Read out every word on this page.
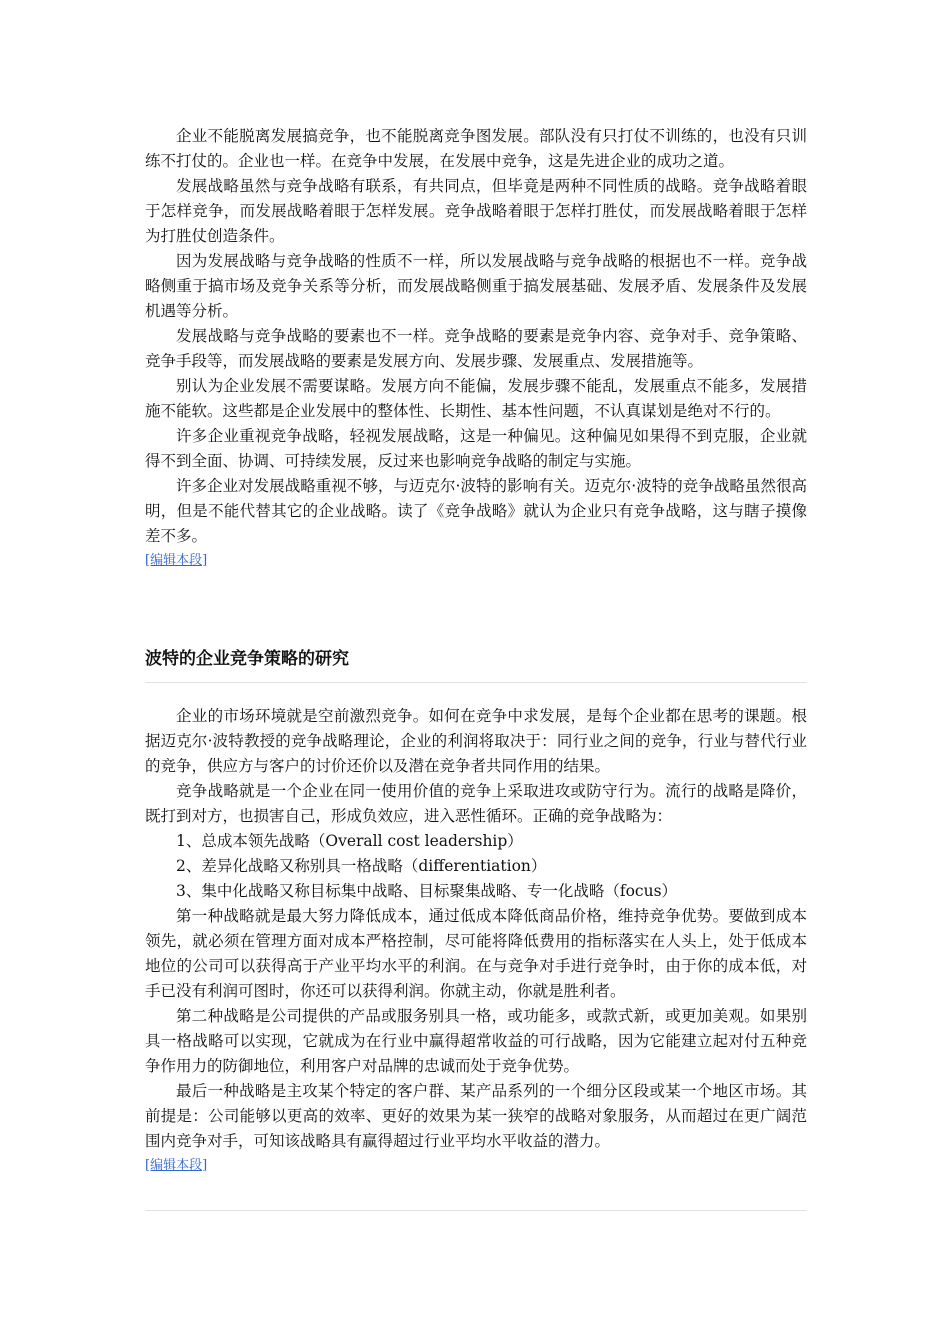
企业不能脱离发展搞竞争，也不能脱离竞争图发展。部队没有只打仗不训练的，也没有只训练不打仗的。企业也一样。在竞争中发展，在发展中竞争，这是先进企业的成功之道。

发展战略虽然与竞争战略有联系，有共同点，但毕竟是两种不同性质的战略。竞争战略着眼于怎样竞争，而发展战略着眼于怎样发展。竞争战略着眼于怎样打胜仗，而发展战略着眼于怎样为打胜仗创造条件。

因为发展战略与竞争战略的性质不一样，所以发展战略与竞争战略的根据也不一样。竞争战略侧重于搞市场及竞争关系等分析，而发展战略侧重于搞发展基础、发展矛盾、发展条件及发展机遇等分析。

发展战略与竞争战略的要素也不一样。竞争战略的要素是竞争内容、竞争对手、竞争策略、竞争手段等，而发展战略的要素是发展方向、发展步骤、发展重点、发展措施等。

别认为企业发展不需要谋略。发展方向不能偏，发展步骤不能乱，发展重点不能多，发展措施不能软。这些都是企业发展中的整体性、长期性、基本性问题，不认真谋划是绝对不行的。

许多企业重视竞争战略，轻视发展战略，这是一种偏见。这种偏见如果得不到克服，企业就得不到全面、协调、可持续发展，反过来也影响竞争战略的制定与实施。

许多企业对发展战略重视不够，与迈克尔·波特的影响有关。迈克尔·波特的竞争战略虽然很高明，但是不能代替其它的企业战略。读了《竞争战略》就认为企业只有竞争战略，这与瞎子摸像差不多。

[编辑本段]
波特的企业竞争策略的研究

企业的市场环境就是空前激烈竞争。如何在竞争中求发展，是每个企业都在思考的课题。根据迈克尔·波特教授的竞争战略理论，企业的利润将取决于：同行业之间的竞争，行业与替代行业的竞争，供应方与客户的讨价还价以及潜在竞争者共同作用的结果。

竞争战略就是一个企业在同一使用价值的竞争上采取进攻或防守行为。流行的战略是降价，既打到对方，也损害自己，形成负效应，进入恶性循环。正确的竞争战略为：

1、总成本领先战略（Overall cost leadership）

2、差异化战略又称别具一格战略（differentiation）

3、集中化战略又称目标集中战略、目标聚集战略、专一化战略（focus）

第一种战略就是最大努力降低成本，通过低成本降低商品价格，维持竞争优势。要做到成本领先，就必须在管理方面对成本严格控制，尽可能将降低费用的指标落实在人头上，处于低成本地位的公司可以获得高于产业平均水平的利润。在与竞争对手进行竞争时，由于你的成本低，对手已没有利润可图时，你还可以获得利润。你就主动，你就是胜利者。

第二种战略是公司提供的产品或服务别具一格，或功能多，或款式新，或更加美观。如果别具一格战略可以实现，它就成为在行业中赢得超常收益的可行战略，因为它能建立起对付五种竞争作用力的防御地位，利用客户对品牌的忠诚而处于竞争优势。

最后一种战略是主攻某个特定的客户群、某产品系列的一个细分区段或某一个地区市场。其前提是：公司能够以更高的效率、更好的效果为某一狭窄的战略对象服务，从而超过在更广阔范围内竞争对手，可知该战略具有赢得超过行业平均水平收益的潜力。

[编辑本段]
